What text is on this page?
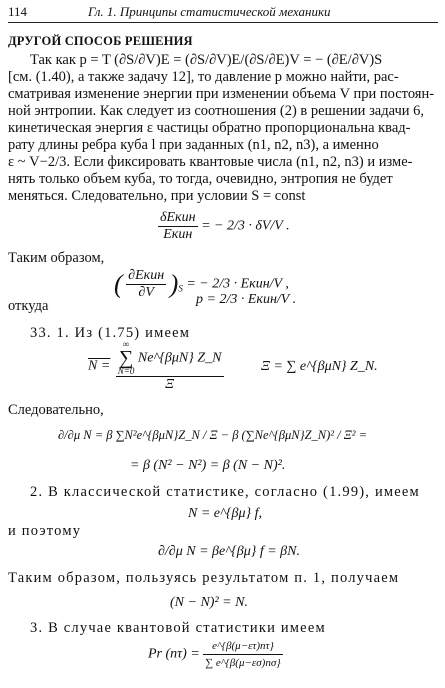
114	Гл. 1. Принципы статистической механики
ДРУГОЙ СПОСОБ РЕШЕНИЯ
Так как p = T (∂S/∂V)E = (∂S/∂V)E/(∂S/∂E)V = − (∂E/∂V)S
[см. (1.40), а также задачу 12], то давление p можно найти, рас-
сматривая изменение энергии при изменении объема V при постоян-
ной энтропии. Как следует из соотношения (2) в решении задачи 6,
кинетическая энергия ε частицы обратно пропорциональна квад-
рату длины ребра куба l при заданных (n1, n2, n3), а именно
ε ~ V−2/3. Если фиксировать квантовые числа (n1, n2, n3) и изме-
нять только объем куба, то тогда, очевидно, энтропия не будет
меняться. Следовательно, при условии S = const
$\frac{\text{δEкин}}{\text{Eкин}}$ = − 2/3 · δV/V .
Таким образом,
( $\frac{\text{∂Eкин}}{\partial V} )_S$ = − 2/3 · Eкин/V ,
откуда	p = 2/3 · Eкин/V .
33. 1. Из (1.75) имеем
N = ∞
∑
N=0
Ne^{βμN} Z_N
Ξ	Ξ = ∑ e^{βμN} Z_N.
Следовательно,
∂/∂μ N = β ∑N²e^{βμN}Z_N / Ξ − β (∑Ne^{βμN}Z_N)² / Ξ² =
= β (N² − N²) = β (N − N)².
2. В классической статистике, согласно (1.99), имеем
N = e^{βμ} f,
и поэтому
∂/∂μ N = βe^{βμ} f = βN.
Таким образом, пользуясь результатом п. 1, получаем
(N − N)² = N.
3. В случае квантовой статистики имеем
Pr $(n\tau) = \frac{e\^{}\{\beta(\mu-\varepsilon\tau)n\tau\}}{\sum e\^{}\{\beta(\mu-\varepsilon\sigma)n\sigma\}}$
